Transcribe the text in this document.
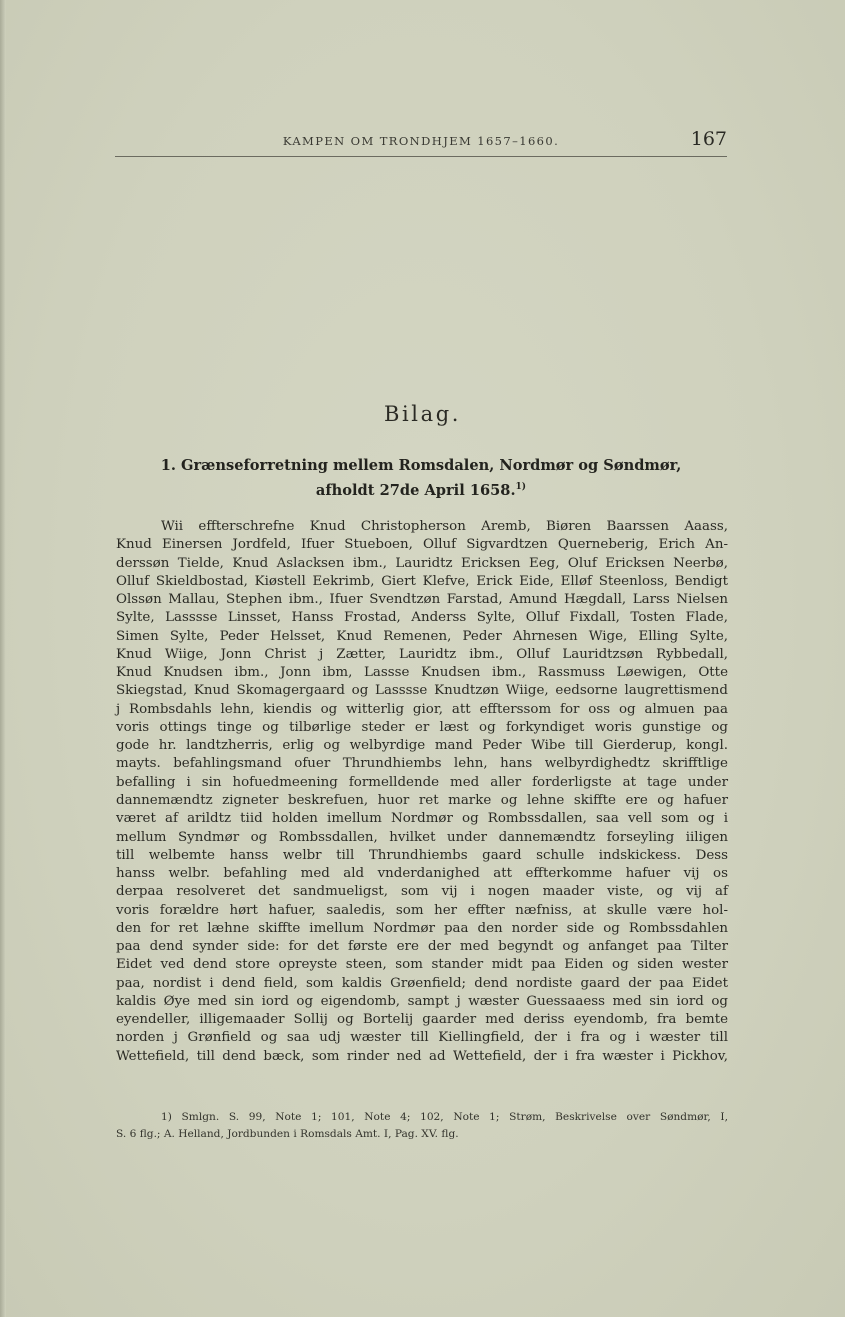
KAMPEN OM TRONDHJEM 1657–1660.	167
Bilag.
1. Grænseforretning mellem Romsdalen, Nordmør og Søndmør,
afholdt 27de April 1658.$^{1)}$
Wii effterschrefne Knud Christopherson Aremb, Biøren Baarssen Aaass,
Knud Einersen Jordfeld, Ifuer Stueboen, Olluf Sigvardtzen Querneberig, Erich An-
derssøn Tielde, Knud Aslacksen ibm., Lauridtz Ericksen Eeg, Oluf Ericksen Neerbø,
Olluf Skieldbostad, Kiøstell Eekrimb, Giert Klefve, Erick Eide, Elløf Steenloss, Bendigt
Olssøn Mallau, Stephen ibm., Ifuer Svendtzøn Farstad, Amund Hægdall, Larss Nielsen
Sylte, Lasssse Linsset, Hanss Frostad, Anderss Sylte, Olluf Fixdall, Tosten Flade,
Simen Sylte, Peder Helsset, Knud Remenen, Peder Ahrnesen Wige, Elling Sylte,
Knud Wiige, Jonn Christ j Zætter, Lauridtz ibm., Olluf Lauridtzsøn Rybbedall,
Knud Knudsen ibm., Jonn ibm, Lassse Knudsen ibm., Rassmuss Løewigen, Otte
Skiegstad, Knud Skomagergaard og Lasssse Knudtzøn Wiige, eedsorne laugrettismend
j Rombsdahls lehn, kiendis og witterlig gior, att effterssom for oss og almuen paa
voris ottings tinge og tilbørlige steder er læst og forkyndiget woris gunstige og
gode hr. landtzherris, erlig og welbyrdige mand Peder Wibe till Gierderup, kongl.
mayts. befahlingsmand ofuer Thrundhiembs lehn, hans welbyrdighedtz skrifftlige
befalling i sin hofuedmeening formelldende med aller forderligste at tage under
dannemændtz zigneter beskrefuen, huor ret marke og lehne skiffte ere og hafuer
været af arildtz tiid holden imellum Nordmør og Rombssdallen, saa vell som og i
mellum Syndmør og Rombssdallen, hvilket under dannemændtz forseyling iiligen
till welbemte hanss welbr till Thrundhiembs gaard schulle indskickess. Dess
hanss welbr. befahling med ald vnderdanighed att effterkomme hafuer vij os
derpaa resolveret det sandmueligst, som vij i nogen maader viste, og vij af
voris forældre hørt hafuer, saaledis, som her effter næfniss, at skulle være hol-
den for ret læhne skiffte imellum Nordmør paa den norder side og Rombssdahlen
paa dend synder side: for det første ere der med begyndt og anfanget paa Tilter
Eidet ved dend store opreyste steen, som stander midt paa Eiden og siden wester
paa, nordist i dend field, som kaldis Grøenfield; dend nordiste gaard der paa Eidet
kaldis Øye med sin iord og eigendomb, sampt j wæster Guessaaess med sin iord og
eyendeller, illigemaader Sollij og Bortelij gaarder med deriss eyendomb, fra bemte
norden j Grønfield og saa udj wæster till Kiellingfield, der i fra og i wæster till
Wettefield, till dend bæck, som rinder ned ad Wettefield, der i fra wæster i Pickhov,
1) Smlgn. S. 99, Note 1; 101, Note 4; 102, Note 1; Strøm, Beskrivelse over Søndmør, I,
S. 6 flg.; A. Helland, Jordbunden i Romsdals Amt. I, Pag. XV. flg.
